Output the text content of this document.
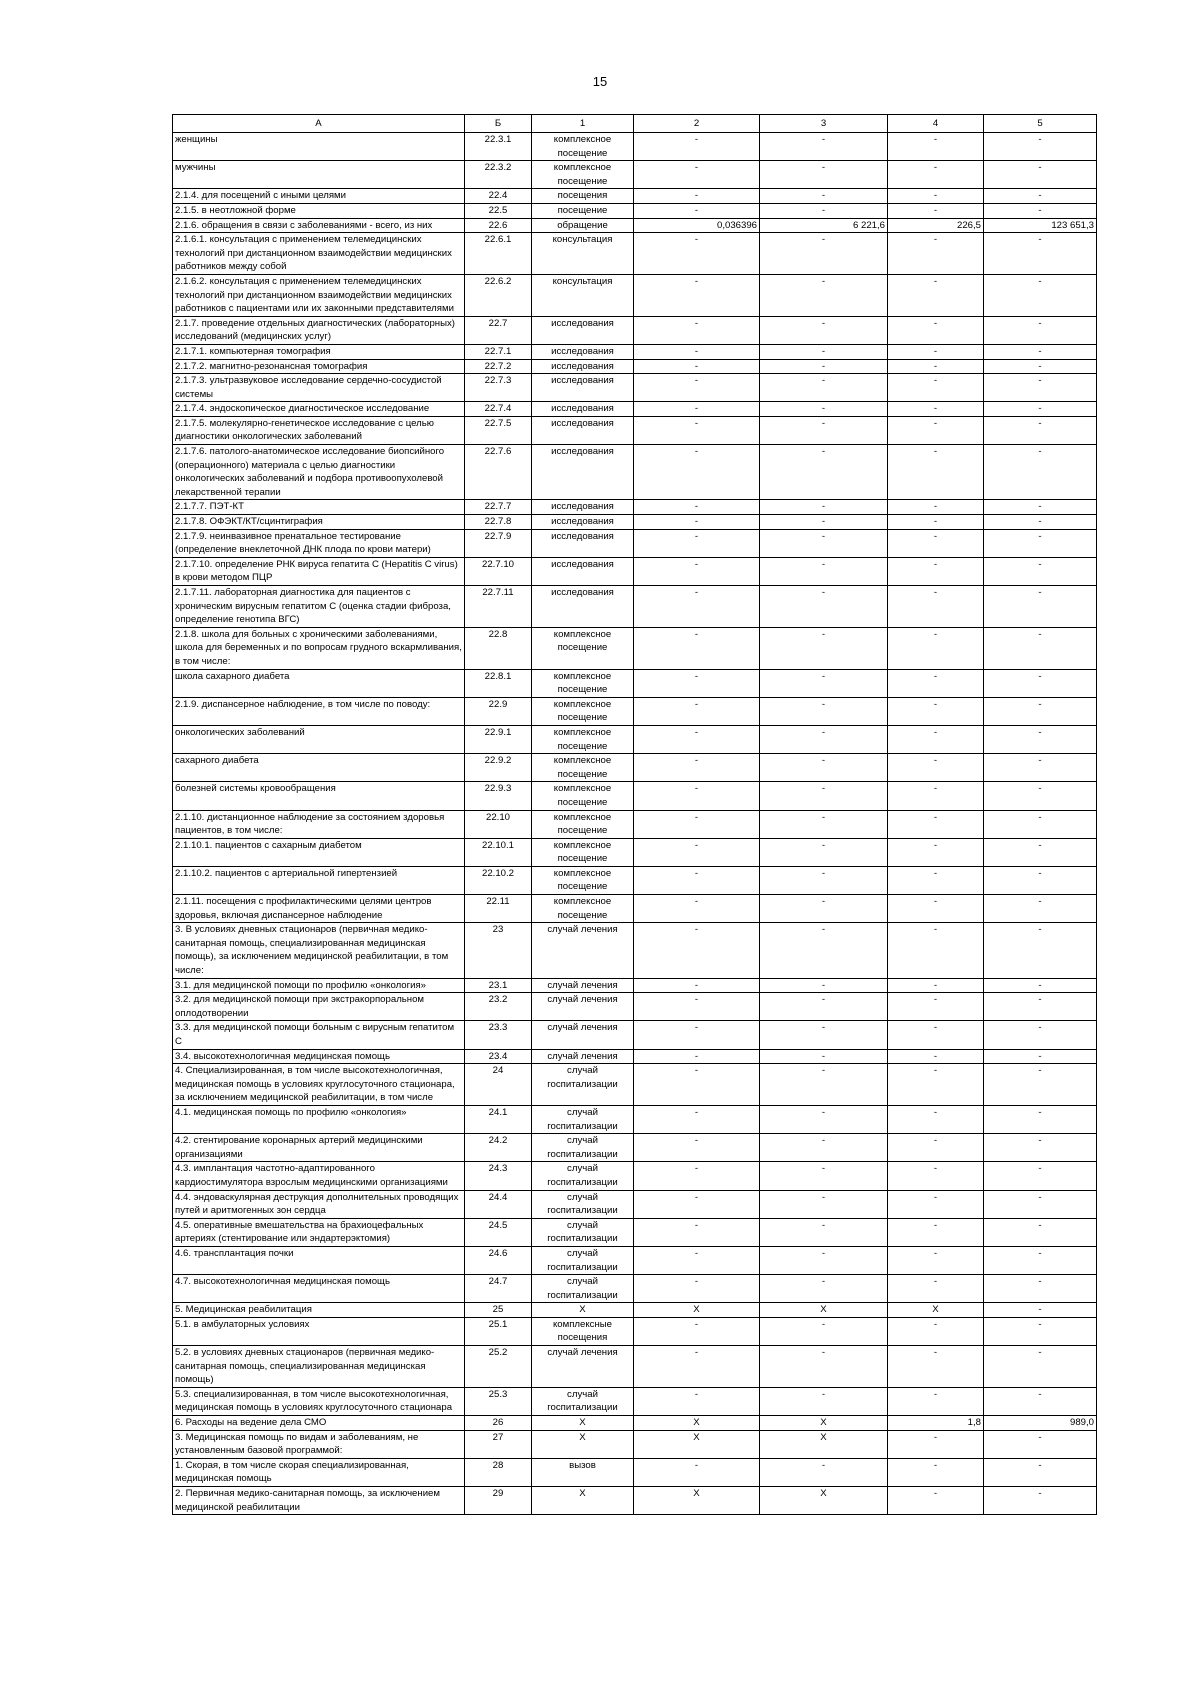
15
А	Б	1	2	3	4	5
женщины	22.3.1	комплексное посещение	-	-	-	-
мужчины	22.3.2	комплексное посещение	-	-	-	-
2.1.4. для посещений с иными целями	22.4	посещения	-	-	-	-
2.1.5. в неотложной форме	22.5	посещение	-	-	-	-
2.1.6. обращения в связи с заболеваниями - всего, из них	22.6	обращение	0,036396	6 221,6	226,5	123 651,3
2.1.6.1. консультация с применением телемедицинских технологий при дистанционном взаимодействии медицинских работников между собой	22.6.1	консультация	-	-	-	-
2.1.6.2. консультация с применением телемедицинских технологий при дистанционном взаимодействии медицинских работников с пациентами или их законными представителями	22.6.2	консультация	-	-	-	-
2.1.7. проведение отдельных диагностических (лабораторных) исследований (медицинских услуг)	22.7	исследования	-	-	-	-
2.1.7.1. компьютерная томография	22.7.1	исследования	-	-	-	-
2.1.7.2. магнитно-резонансная томография	22.7.2	исследования	-	-	-	-
2.1.7.3. ультразвуковое исследование сердечно-сосудистой системы	22.7.3	исследования	-	-	-	-
2.1.7.4. эндоскопическое диагностическое исследование	22.7.4	исследования	-	-	-	-
2.1.7.5. молекулярно-генетическое исследование с целью диагностики онкологических заболеваний	22.7.5	исследования	-	-	-	-
2.1.7.6. патолого-анатомическое исследование биопсийного (операционного) материала с целью диагностики онкологических заболеваний и подбора противоопухолевой лекарственной терапии	22.7.6	исследования	-	-	-	-
2.1.7.7. ПЭТ-КТ	22.7.7	исследования	-	-	-	-
2.1.7.8. ОФЭКТ/КТ/сцинтиграфия	22.7.8	исследования	-	-	-	-
2.1.7.9. неинвазивное пренатальное тестирование (определение внеклеточной ДНК плода по крови матери)	22.7.9	исследования	-	-	-	-
2.1.7.10. определение РНК вируса гепатита С (Hepatitis C virus) в крови методом ПЦР	22.7.10	исследования	-	-	-	-
2.1.7.11. лабораторная диагностика для пациентов с хроническим вирусным гепатитом С (оценка стадии фиброза, определение генотипа ВГС)	22.7.11	исследования	-	-	-	-
2.1.8. школа для больных с хроническими заболеваниями, школа для беременных и по вопросам грудного вскармливания, в том числе:	22.8	комплексное посещение	-	-	-	-
школа сахарного диабета	22.8.1	комплексное посещение	-	-	-	-
2.1.9. диспансерное наблюдение, в том числе по поводу:	22.9	комплексное посещение	-	-	-	-
онкологических заболеваний	22.9.1	комплексное посещение	-	-	-	-
сахарного диабета	22.9.2	комплексное посещение	-	-	-	-
болезней системы кровообращения	22.9.3	комплексное посещение	-	-	-	-
2.1.10. дистанционное наблюдение за состоянием здоровья пациентов, в том числе:	22.10	комплексное посещение	-	-	-	-
2.1.10.1. пациентов с сахарным диабетом	22.10.1	комплексное посещение	-	-	-	-
2.1.10.2. пациентов с артериальной гипертензией	22.10.2	комплексное посещение	-	-	-	-
2.1.11. посещения с профилактическими целями центров здоровья, включая диспансерное наблюдение	22.11	комплексное посещение	-	-	-	-
3. В условиях дневных стационаров (первичная медико-санитарная помощь, специализированная медицинская помощь), за исключением медицинской реабилитации, в том числе:	23	случай лечения	-	-	-	-
3.1. для медицинской помощи по профилю «онкология»	23.1	случай лечения	-	-	-	-
3.2. для медицинской помощи при экстракорпоральном оплодотворении	23.2	случай лечения	-	-	-	-
3.3. для медицинской помощи больным с вирусным гепатитом С	23.3	случай лечения	-	-	-	-
3.4. высокотехнологичная медицинская помощь	23.4	случай лечения	-	-	-	-
4. Специализированная, в том числе высокотехнологичная, медицинская помощь в условиях круглосуточного стационара, за исключением медицинской реабилитации, в том числе	24	случай госпитализации	-	-	-	-
4.1. медицинская помощь по профилю «онкология»	24.1	случай госпитализации	-	-	-	-
4.2. стентирование коронарных артерий медицинскими организациями	24.2	случай госпитализации	-	-	-	-
4.3. имплантация частотно-адаптированного кардиостимулятора взрослым медицинскими организациями	24.3	случай госпитализации	-	-	-	-
4.4. эндоваскулярная деструкция дополнительных проводящих путей и аритмогенных зон сердца	24.4	случай госпитализации	-	-	-	-
4.5. оперативные вмешательства на брахиоцефальных артериях (стентирование или эндартерэктомия)	24.5	случай госпитализации	-	-	-	-
4.6. трансплантация почки	24.6	случай госпитализации	-	-	-	-
4.7. высокотехнологичная медицинская помощь	24.7	случай госпитализации	-	-	-	-
5. Медицинская реабилитация	25	Х	Х	Х	Х	-
5.1. в амбулаторных условиях	25.1	комплексные посещения	-	-	-	-
5.2. в условиях дневных стационаров (первичная медико-санитарная помощь, специализированная медицинская помощь)	25.2	случай лечения	-	-	-	-
5.3. специализированная, в том числе высокотехнологичная, медицинская помощь в условиях круглосуточного стационара	25.3	случай госпитализации	-	-	-	-
6. Расходы на ведение дела СМО	26	Х	Х	Х	1,8	989,0
3. Медицинская помощь по видам и заболеваниям, не установленным базовой программой:	27	Х	Х	Х	-	-
1. Скорая, в том числе скорая специализированная, медицинская помощь	28	вызов	-	-	-	-
2. Первичная медико-санитарная помощь, за исключением медицинской реабилитации	29	Х	Х	Х	-	-
